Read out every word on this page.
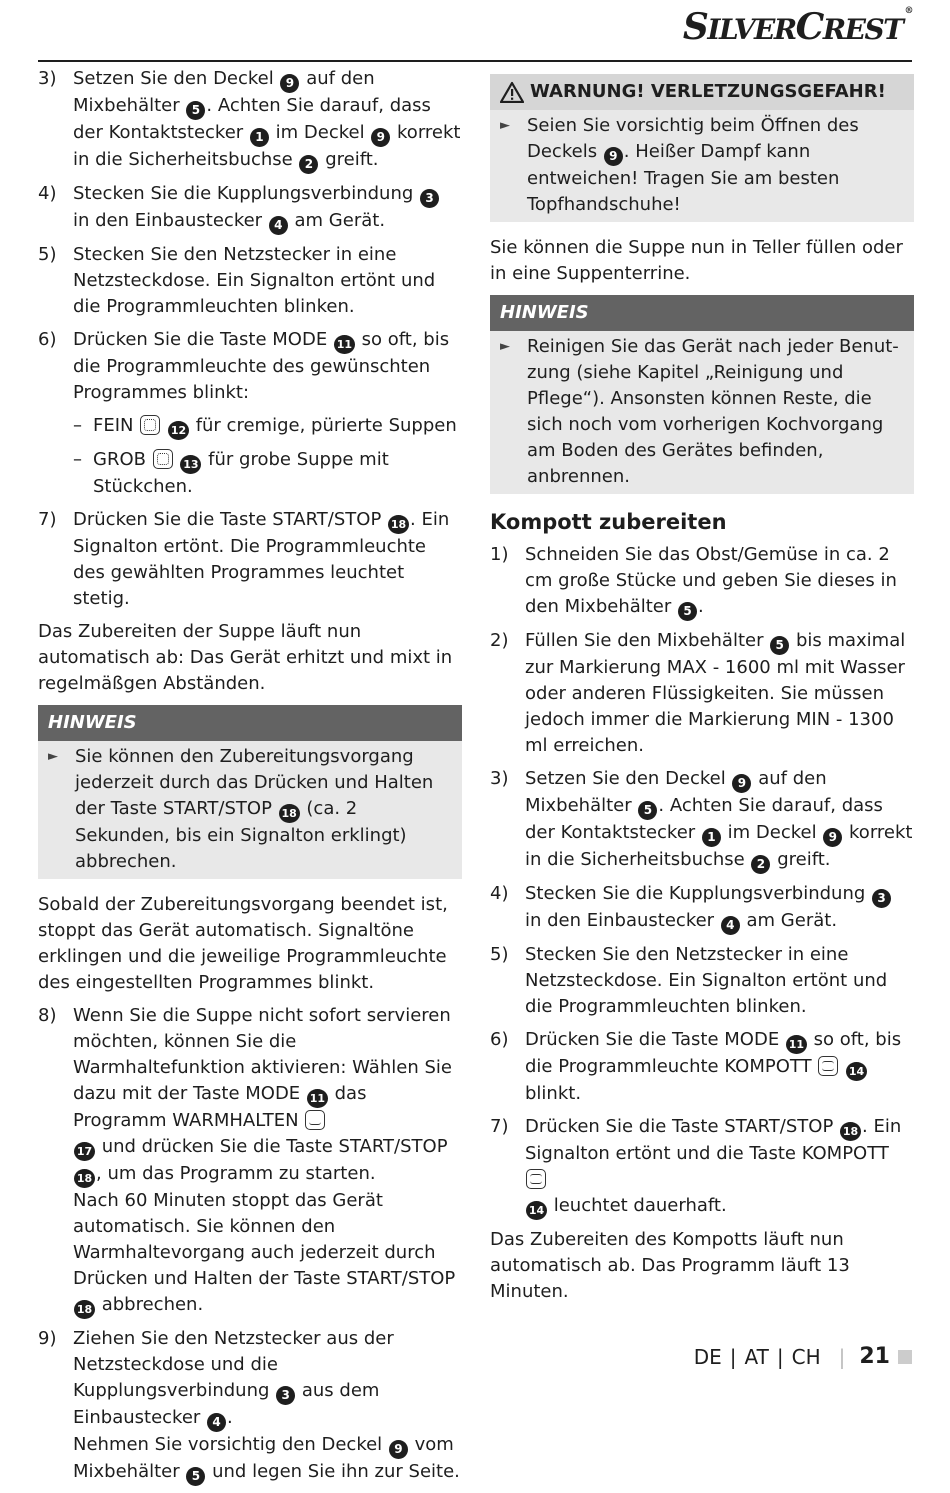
SILVERCREST®
3) Setzen Sie den Deckel 9 auf den Mixbehälter 5 . Achten Sie darauf, dass der Kontaktstecker 1 im Deckel 9 korrekt in die Sicherheitsbuchse 2 greift.
4) Stecken Sie die Kupplungsverbindung 3 in den Einbaustecker 4 am Gerät.
5) Stecken Sie den Netzstecker in eine Netzsteckdose. Ein Signalton ertönt und die Programmleuchten blinken.
6) Drücken Sie die Taste MODE 11 so oft, bis die Programmleuchte des gewünschten Programmes blinkt:
– FEIN	12 für cremige, pürierte Suppen
– GROB	13 für grobe Suppe mit Stückchen.
7) Drücken Sie die Taste START/STOP 18 . Ein Signalton ertönt. Die Programmleuchte des gewählten Programmes leuchtet stetig.

Das Zubereiten der Suppe läuft nun automatisch ab: Das Gerät erhitzt und mixt in regelmäßgen Abständen.

HINWEIS
► Sie können den Zubereitungsvorgang jederzeit durch das Drücken und Halten der Taste START/STOP 18 (ca. 2 Sekunden, bis ein Signalton erklingt) abbrechen.

Sobald der Zubereitungsvorgang beendet ist, stoppt das Gerät automatisch. Signaltöne erklingen und die jeweilige Programmleuchte des eingestellten Programmes blinkt.

8) Wenn Sie die Suppe nicht sofort servieren möchten, können Sie die Warmhaltefunktion aktivieren: Wählen Sie dazu mit der Taste MODE 11 das Programm WARMHALTEN
17 und drücken Sie die Taste START/STOP 18 , um das Programm zu starten.
Nach 60 Minuten stoppt das Gerät automatisch. Sie können den Warmhaltevorgang auch jederzeit durch Drücken und Halten der Taste START/STOP 18 abbrechen.
9) Ziehen Sie den Netzstecker aus der Netzsteckdose und die Kupplungsverbindung 3 aus dem Einbaustecker 4 .
Nehmen Sie vorsichtig den Deckel 9 vom Mixbehälter 5 und legen Sie ihn zur Seite.
WARNUNG! VERLETZUNGSGEFAHR!
► Seien Sie vorsichtig beim Öffnen des Deckels 9 . Heißer Dampf kann entweichen! Tragen Sie am besten Topfhandschuhe!

Sie können die Suppe nun in Teller füllen oder in eine Suppenterrine.

HINWEIS
► Reinigen Sie das Gerät nach jeder Benutzung (siehe Kapitel „Reinigung und Pflege“). Ansonsten können Reste, die sich noch vom vorherigen Kochvorgang am Boden des Gerätes befinden, anbrennen.
Kompott zubereiten
1) Schneiden Sie das Obst/Gemüse in ca. 2 cm große Stücke und geben Sie dieses in den Mixbehälter 5 .
2) Füllen Sie den Mixbehälter 5 bis maximal zur Markierung MAX - 1600 ml mit Wasser oder anderen Flüssigkeiten. Sie müssen jedoch immer die Markierung MIN - 1300 ml erreichen.
3) Setzen Sie den Deckel 9 auf den Mixbehälter 5 . Achten Sie darauf, dass der Kontaktstecker 1 im Deckel 9 korrekt in die Sicherheitsbuchse 2 greift.
4) Stecken Sie die Kupplungsverbindung 3 in den Einbaustecker 4 am Gerät.
5) Stecken Sie den Netzstecker in eine Netzsteckdose. Ein Signalton ertönt und die Programmleuchten blinken.
6) Drücken Sie die Taste MODE 11 so oft, bis die Programmleuchte KOMPOTT	14 blinkt.
7) Drücken Sie die Taste START/STOP 18 . Ein Signalton ertönt und die Taste KOMPOTT
14 leuchtet dauerhaft.

Das Zubereiten des Kompotts läuft nun automatisch ab. Das Programm läuft 13 Minuten.

DE | AT | CH | 21
